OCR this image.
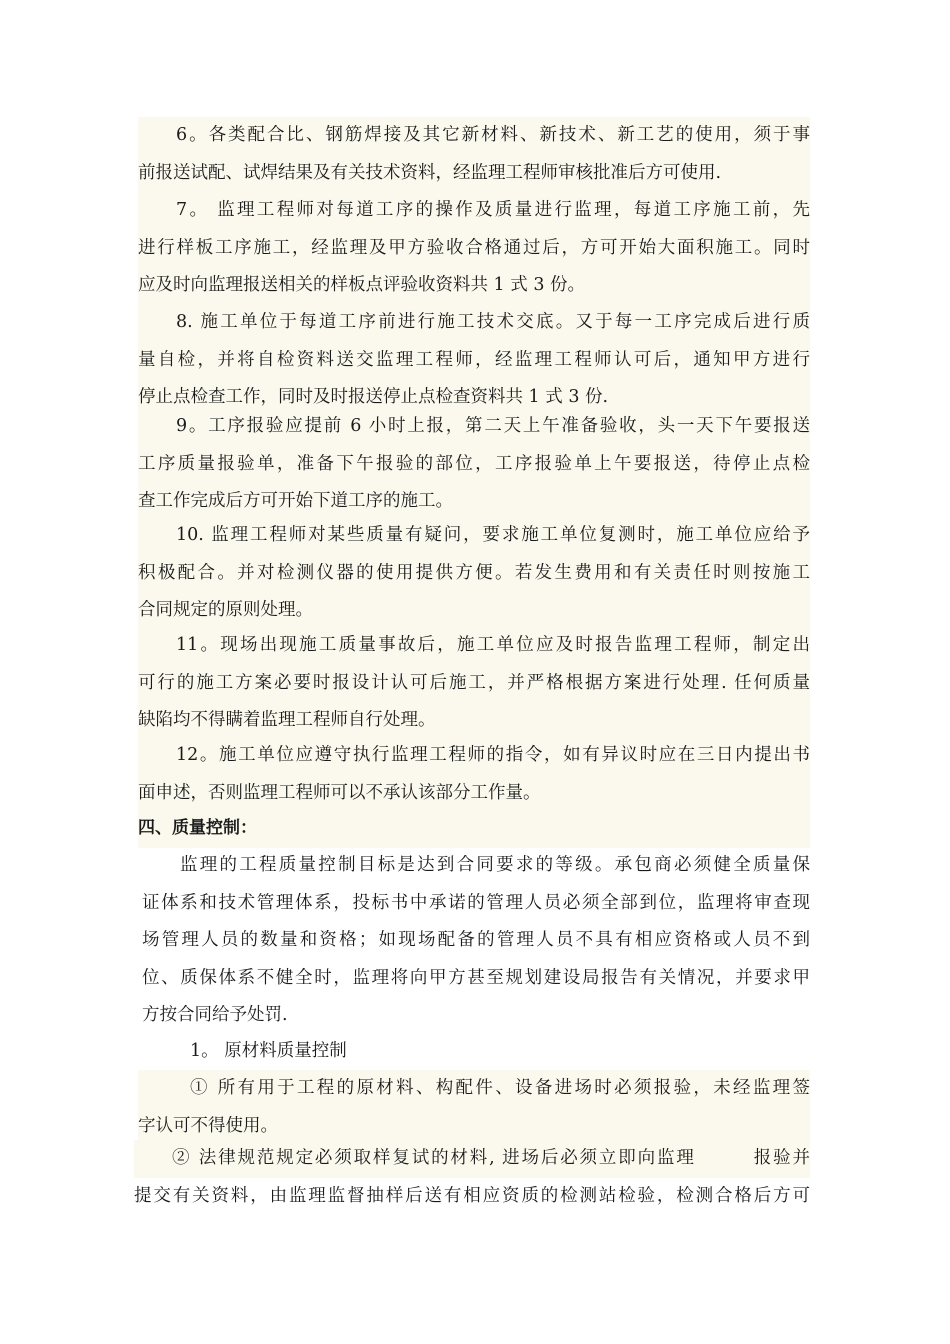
6。各类配合比、钢筋焊接及其它新材料、新技术、新工艺的使用，须于事
前报送试配、试焊结果及有关技术资料，经监理工程师审核批准后方可使用.
7。 监理工程师对每道工序的操作及质量进行监理，每道工序施工前，先
进行样板工序施工，经监理及甲方验收合格通过后，方可开始大面积施工。同时
应及时向监理报送相关的样板点评验收资料共 1 式 3 份。
8. 施工单位于每道工序前进行施工技术交底。又于每一工序完成后进行质
量自检，并将自检资料送交监理工程师，经监理工程师认可后，通知甲方进行
停止点检查工作，同时及时报送停止点检查资料共 1 式 3 份.
9。工序报验应提前 6 小时上报，第二天上午准备验收，头一天下午要报送
工序质量报验单，准备下午报验的部位，工序报验单上午要报送，待停止点检
查工作完成后方可开始下道工序的施工。
10. 监理工程师对某些质量有疑问，要求施工单位复测时，施工单位应给予
积极配合。并对检测仪器的使用提供方便。若发生费用和有关责任时则按施工
合同规定的原则处理。
11。现场出现施工质量事故后，施工单位应及时报告监理工程师，制定出
可行的施工方案必要时报设计认可后施工，并严格根据方案进行处理. 任何质量
缺陷均不得瞒着监理工程师自行处理。
12。施工单位应遵守执行监理工程师的指令，如有异议时应在三日内提出书
面申述，否则监理工程师可以不承认该部分工作量。
四、质量控制：
监理的工程质量控制目标是达到合同要求的等级。承包商必须健全质量保
证体系和技术管理体系，投标书中承诺的管理人员必须全部到位，监理将审查现
场管理人员的数量和资格；如现场配备的管理人员不具有相应资格或人员不到
位、质保体系不健全时，监理将向甲方甚至规划建设局报告有关情况，并要求甲
方按合同给予处罚.
1。 原材料质量控制
① 所有用于工程的原材料、构配件、设备进场时必须报验，未经监理签
字认可不得使用。
② 法律规范规定必须取样复试的材料, 进场后必须立即向监理　　　报验并
提交有关资料，由监理监督抽样后送有相应资质的检测站检验，检测合格后方可
